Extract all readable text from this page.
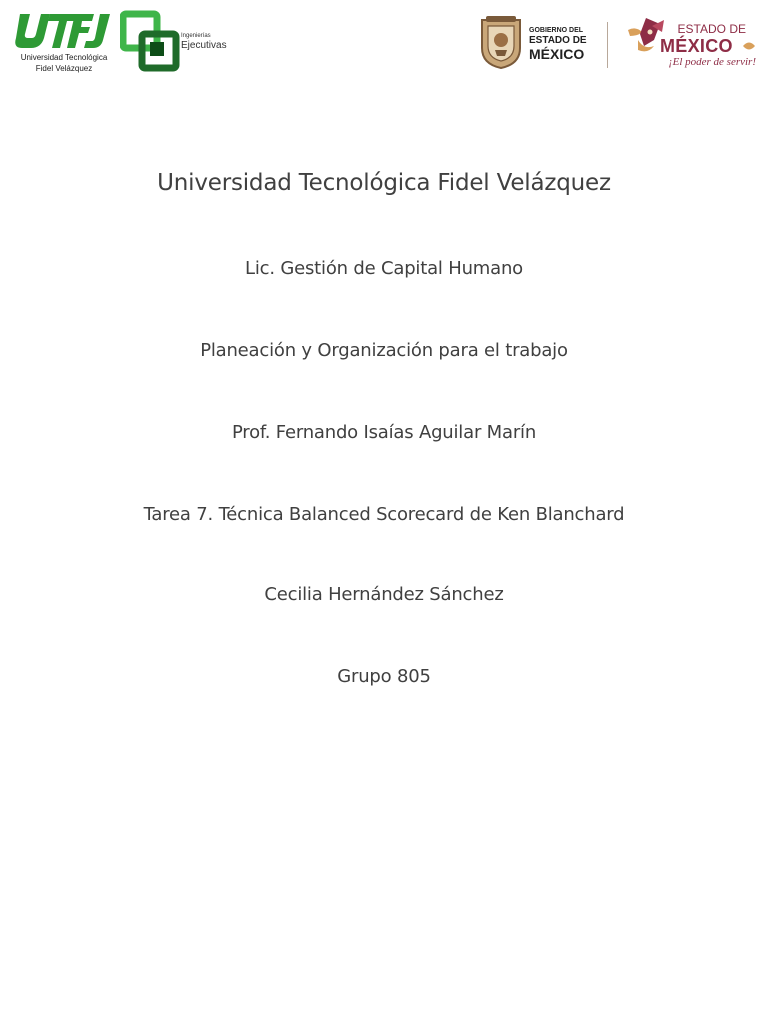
Universidad Tecnológica
Fidel Velázquez
Ingenierías
Ejecutivas
GOBIERNO DEL
ESTADO DE
MÉXICO
ESTADO DE
MÉXICO
¡El poder de servir!
Universidad Tecnológica Fidel Velázquez
Lic. Gestión de Capital Humano
Planeación y Organización para el trabajo
Prof. Fernando Isaías Aguilar Marín
Tarea 7. Técnica Balanced Scorecard de Ken Blanchard
Cecilia Hernández Sánchez
Grupo 805
